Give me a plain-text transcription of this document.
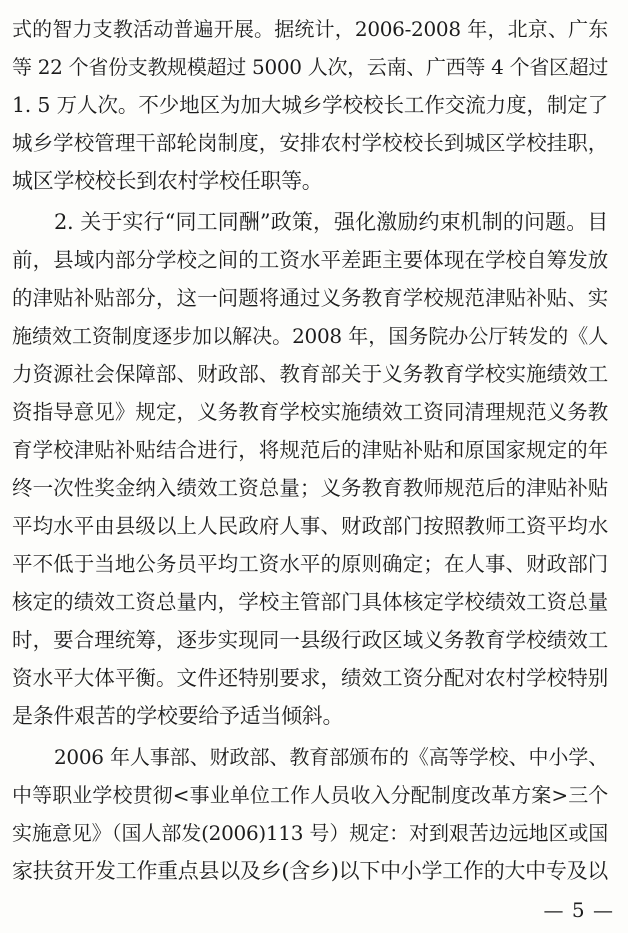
式的智力支教活动普遍开展。据统计，2006-2008 年，北京、广东
等 22 个省份支教规模超过 5000 人次，云南、广西等 4 个省区超过
1. 5 万人次。不少地区为加大城乡学校校长工作交流力度，制定了
城乡学校管理干部轮岗制度，安排农村学校校长到城区学校挂职，
城区学校校长到农村学校任职等。
2. 关于实行“同工同酬”政策，强化激励约束机制的问题。目
前，县域内部分学校之间的工资水平差距主要体现在学校自筹发放
的津贴补贴部分，这一问题将通过义务教育学校规范津贴补贴、实
施绩效工资制度逐步加以解决。2008 年，国务院办公厅转发的《人
力资源社会保障部、财政部、教育部关于义务教育学校实施绩效工
资指导意见》规定，义务教育学校实施绩效工资同清理规范义务教
育学校津贴补贴结合进行，将规范后的津贴补贴和原国家规定的年
终一次性奖金纳入绩效工资总量；义务教育教师规范后的津贴补贴
平均水平由县级以上人民政府人事、财政部门按照教师工资平均水
平不低于当地公务员平均工资水平的原则确定；在人事、财政部门
核定的绩效工资总量内，学校主管部门具体核定学校绩效工资总量
时，要合理统筹，逐步实现同一县级行政区域义务教育学校绩效工
资水平大体平衡。文件还特别要求，绩效工资分配对农村学校特别
是条件艰苦的学校要给予适当倾斜。
2006 年人事部、财政部、教育部颁布的《高等学校、中小学、
中等职业学校贯彻<事业单位工作人员收入分配制度改革方案>三个
实施意见》（国人部发(2006)113 号）规定：对到艰苦边远地区或国
家扶贫开发工作重点县以及乡(含乡)以下中小学工作的大中专及以
— 5 —
